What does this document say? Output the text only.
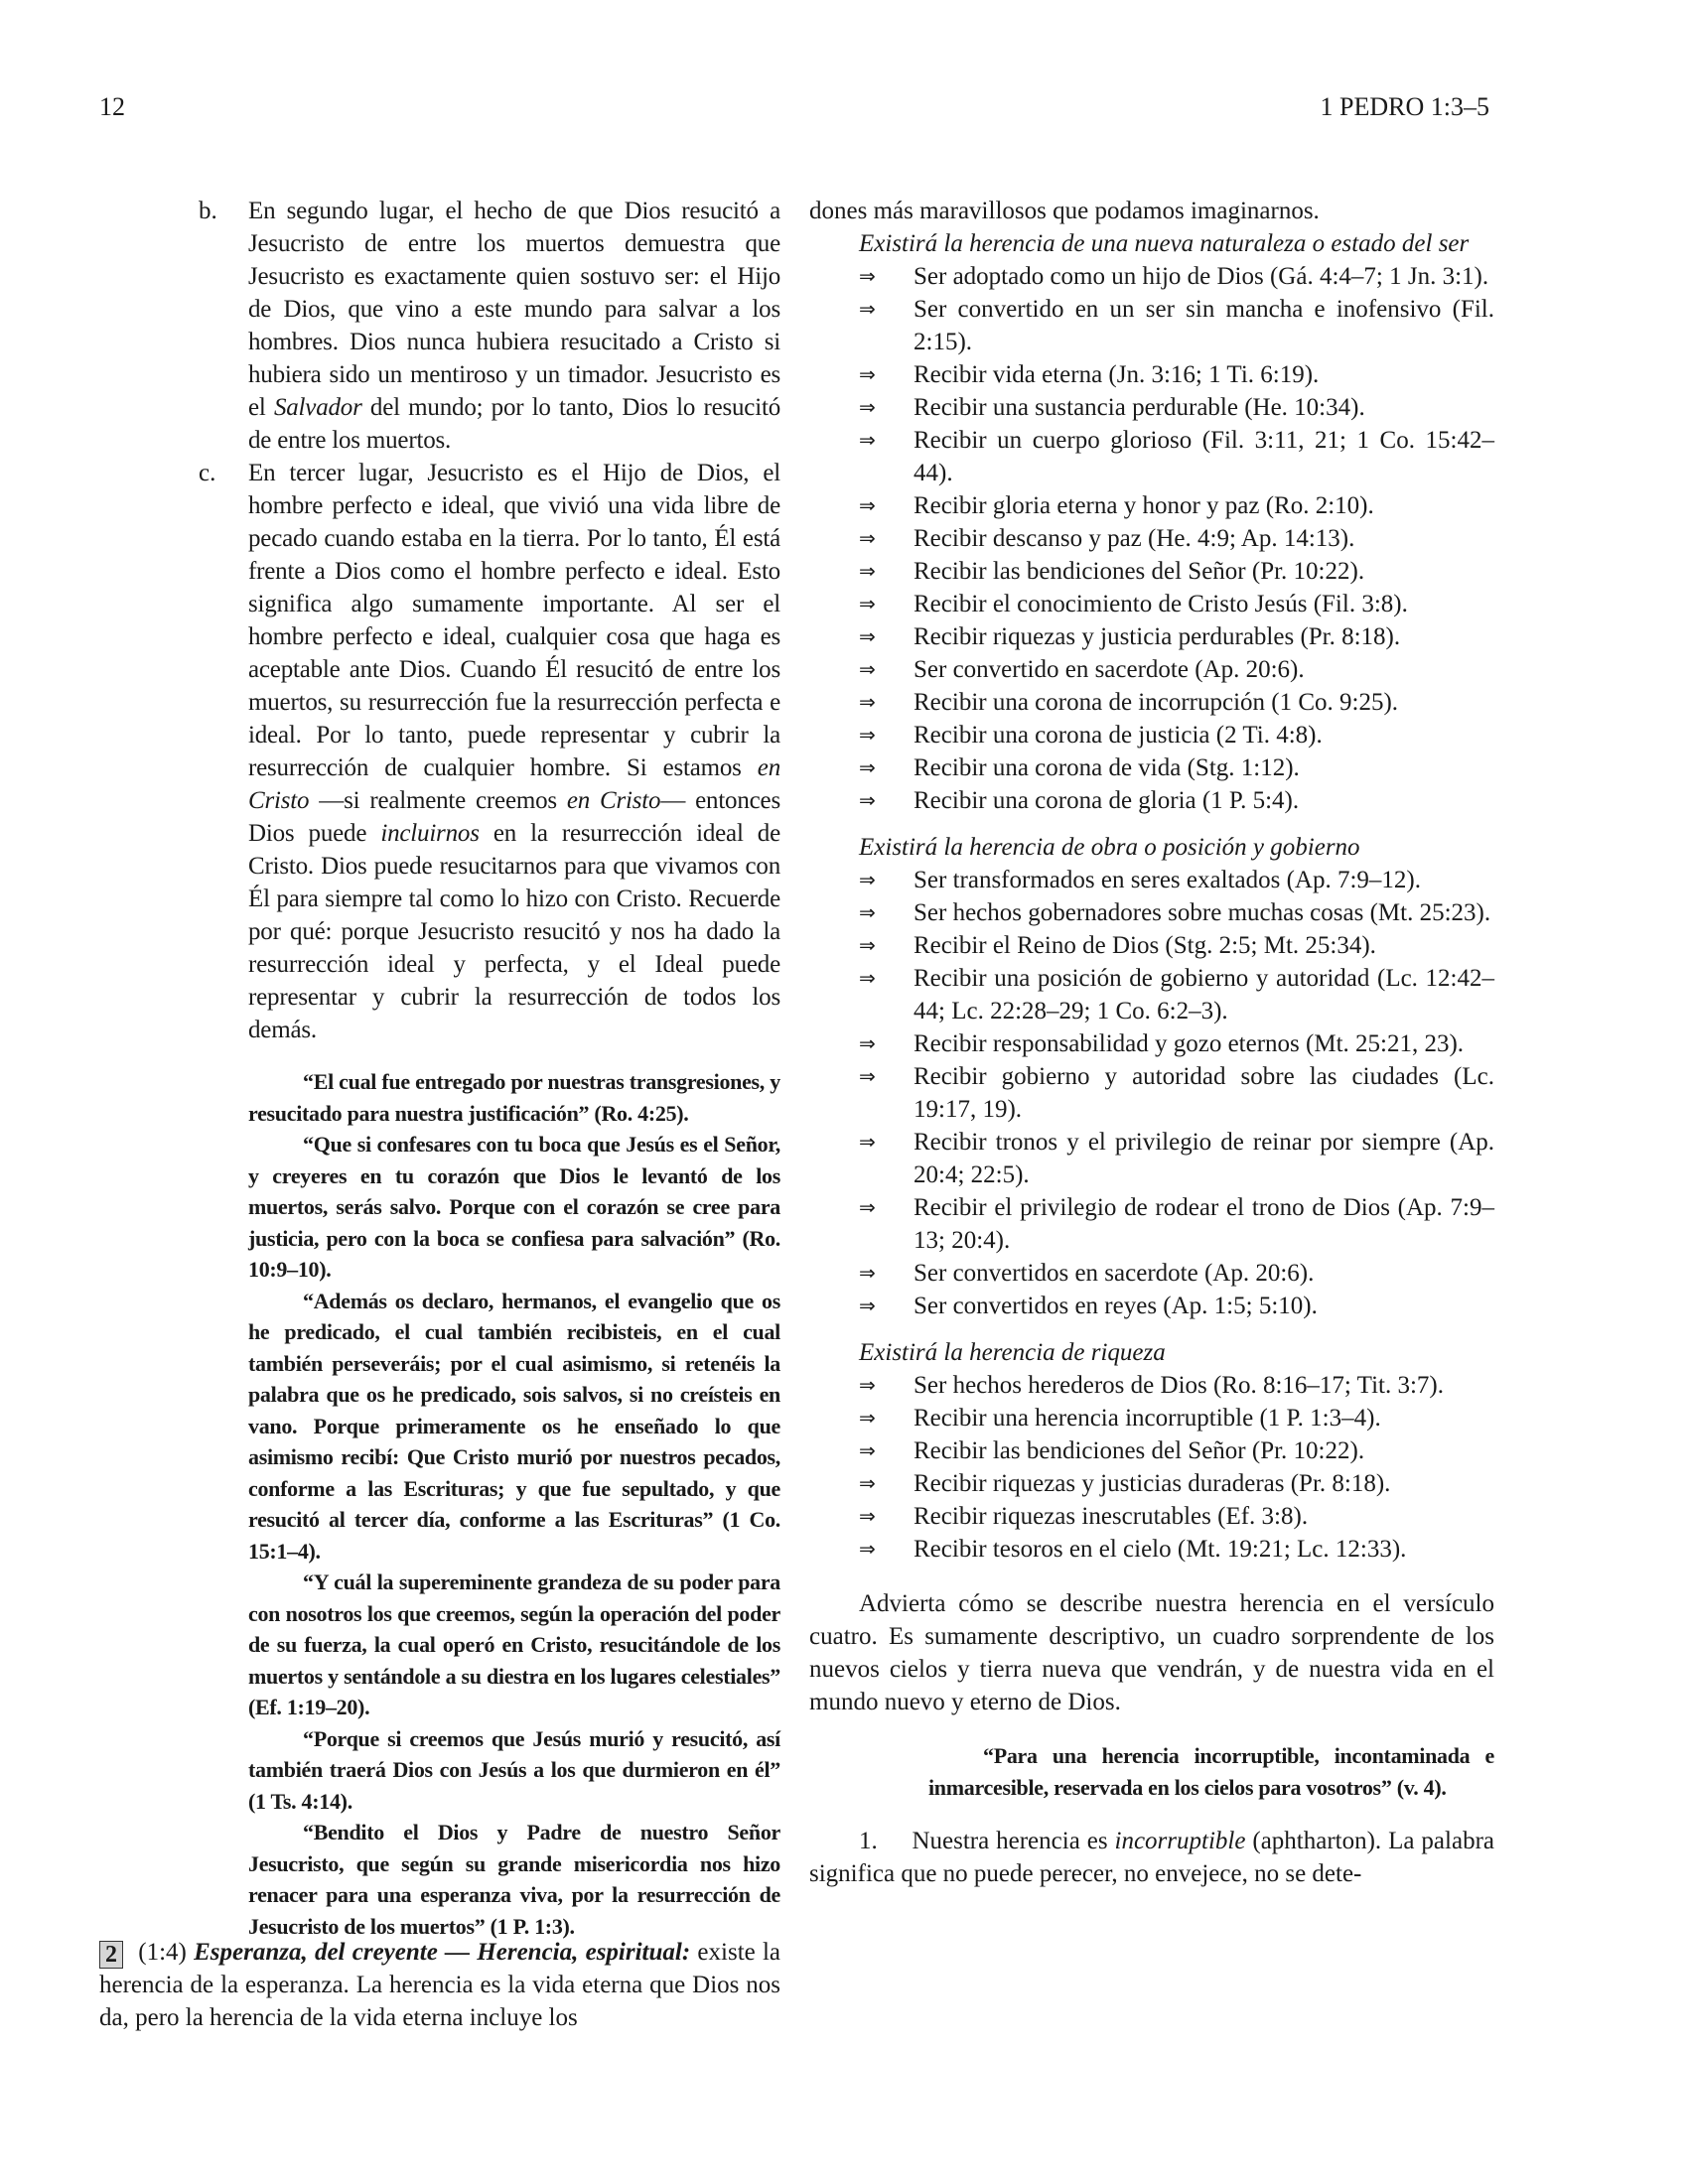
12	1 PEDRO 1:3–5
b.	En segundo lugar, el hecho de que Dios resucitó a Jesucristo de entre los muertos demuestra que Jesucristo es exactamente quien sostuvo ser: el Hijo de Dios, que vino a este mundo para salvar a los hombres. Dios nunca hubiera resucitado a Cristo si hubiera sido un mentiroso y un timador. Jesucristo es el Salvador del mundo; por lo tanto, Dios lo resucitó de entre los muertos.
c.	En tercer lugar, Jesucristo es el Hijo de Dios, el hombre perfecto e ideal, que vivió una vida libre de pecado cuando estaba en la tierra. Por lo tanto, Él está frente a Dios como el hombre perfecto e ideal. Esto significa algo sumamente importante. Al ser el hombre perfecto e ideal, cualquier cosa que haga es aceptable ante Dios. Cuando Él resucitó de entre los muertos, su resurrección fue la resurrección perfecta e ideal. Por lo tanto, puede representar y cubrir la resurrección de cualquier hombre. Si estamos en Cristo —si realmente creemos en Cristo— entonces Dios puede incluirnos en la resurrección ideal de Cristo. Dios puede resucitarnos para que vivamos con Él para siempre tal como lo hizo con Cristo. Recuerde por qué: porque Jesucristo resucitó y nos ha dado la resurrección ideal y perfecta, y el Ideal puede representar y cubrir la resurrección de todos los demás.

“El cual fue entregado por nuestras transgresiones, y resucitado para nuestra justificación” (Ro. 4:25).

“Que si confesares con tu boca que Jesús es el Señor, y creyeres en tu corazón que Dios le levantó de los muertos, serás salvo. Porque con el corazón se cree para justicia, pero con la boca se confiesa para salvación” (Ro. 10:9–10).

“Además os declaro, hermanos, el evangelio que os he predicado, el cual también recibisteis, en el cual también perseveráis; por el cual asimismo, si retenéis la palabra que os he predicado, sois salvos, si no creísteis en vano. Porque primeramente os he enseñado lo que asimismo recibí: Que Cristo murió por nuestros pecados, conforme a las Escrituras; y que fue sepultado, y que resucitó al tercer día, conforme a las Escrituras” (1 Co. 15:1–4).

“Y cuál la supereminente grandeza de su poder para con nosotros los que creemos, según la operación del poder de su fuerza, la cual operó en Cristo, resucitándole de los muertos y sentándole a su diestra en los lugares celestiales” (Ef. 1:19–20).

“Porque si creemos que Jesús murió y resucitó, así también traerá Dios con Jesús a los que durmieron en él” (1 Ts. 4:14).

“Bendito el Dios y Padre de nuestro Señor Jesucristo, que según su grande misericordia nos hizo renacer para una esperanza viva, por la resurrección de Jesucristo de los muertos” (1 P. 1:3).

2 (1:4) Esperanza, del creyente — Herencia, espiritual: existe la herencia de la esperanza. La herencia es la vida eterna que Dios nos da, pero la herencia de la vida eterna incluye los

dones más maravillosos que podamos imaginarnos.

Existirá la herencia de una nueva naturaleza o estado del ser

⇒	Ser adoptado como un hijo de Dios (Gá. 4:4–7; 1 Jn. 3:1).
⇒	Ser convertido en un ser sin mancha e inofensivo (Fil. 2:15).
⇒	Recibir vida eterna (Jn. 3:16; 1 Ti. 6:19).
⇒	Recibir una sustancia perdurable (He. 10:34).
⇒	Recibir un cuerpo glorioso (Fil. 3:11, 21; 1 Co. 15:42–44).
⇒	Recibir gloria eterna y honor y paz (Ro. 2:10).
⇒	Recibir descanso y paz (He. 4:9; Ap. 14:13).
⇒	Recibir las bendiciones del Señor (Pr. 10:22).
⇒	Recibir el conocimiento de Cristo Jesús (Fil. 3:8).
⇒	Recibir riquezas y justicia perdurables (Pr. 8:18).
⇒	Ser convertido en sacerdote (Ap. 20:6).
⇒	Recibir una corona de incorrupción (1 Co. 9:25).
⇒	Recibir una corona de justicia (2 Ti. 4:8).
⇒	Recibir una corona de vida (Stg. 1:12).
⇒	Recibir una corona de gloria (1 P. 5:4).

Existirá la herencia de obra o posición y gobierno

⇒	Ser transformados en seres exaltados (Ap. 7:9–12).
⇒	Ser hechos gobernadores sobre muchas cosas (Mt. 25:23).
⇒	Recibir el Reino de Dios (Stg. 2:5; Mt. 25:34).
⇒	Recibir una posición de gobierno y autoridad (Lc. 12:42–44; Lc. 22:28–29; 1 Co. 6:2–3).
⇒	Recibir responsabilidad y gozo eternos (Mt. 25:21, 23).
⇒	Recibir gobierno y autoridad sobre las ciudades (Lc. 19:17, 19).
⇒	Recibir tronos y el privilegio de reinar por siempre (Ap. 20:4; 22:5).
⇒	Recibir el privilegio de rodear el trono de Dios (Ap. 7:9–13; 20:4).
⇒	Ser convertidos en sacerdote (Ap. 20:6).
⇒	Ser convertidos en reyes (Ap. 1:5; 5:10).

Existirá la herencia de riqueza

⇒	Ser hechos herederos de Dios (Ro. 8:16–17; Tit. 3:7).
⇒	Recibir una herencia incorruptible (1 P. 1:3–4).
⇒	Recibir las bendiciones del Señor (Pr. 10:22).
⇒	Recibir riquezas y justicias duraderas (Pr. 8:18).
⇒	Recibir riquezas inescrutables (Ef. 3:8).
⇒	Recibir tesoros en el cielo (Mt. 19:21; Lc. 12:33).

Advierta cómo se describe nuestra herencia en el versículo cuatro. Es sumamente descriptivo, un cuadro sorprendente de los nuevos cielos y tierra nueva que vendrán, y de nuestra vida en el mundo nuevo y eterno de Dios.

“Para una herencia incorruptible, incontaminada e inmarcesible, reservada en los cielos para vosotros” (v. 4).

1. Nuestra herencia es incorruptible (aphtharton). La palabra significa que no puede perecer, no envejece, no se dete-
